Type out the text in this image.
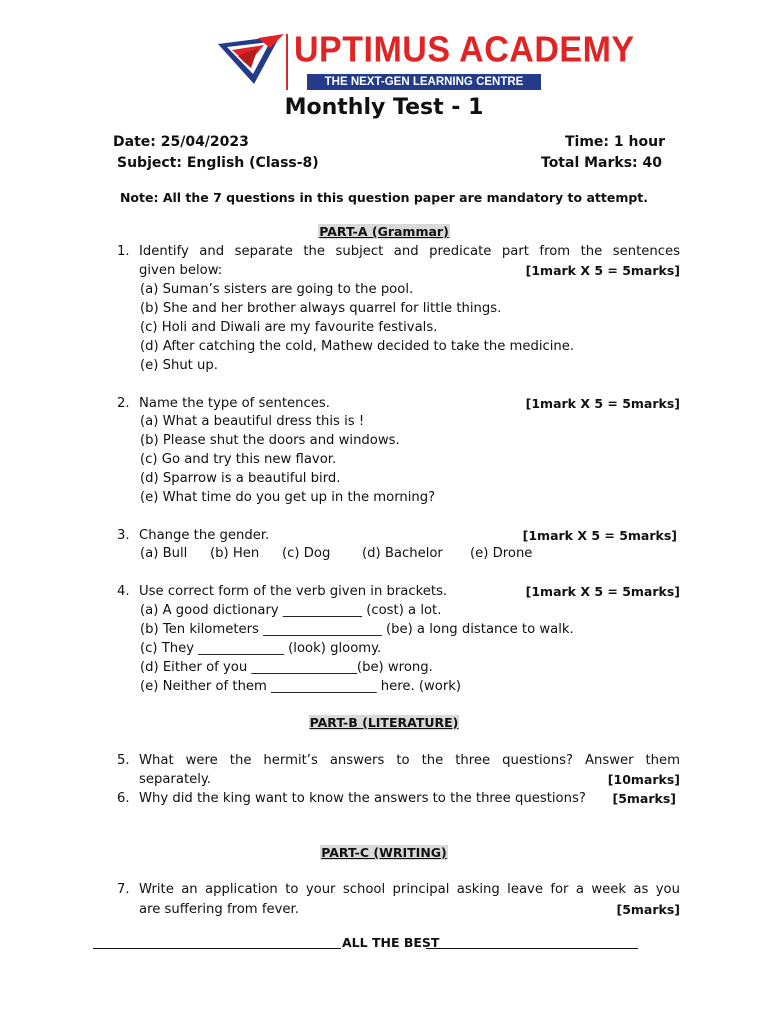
UPTIMUS ACADEMY
THE NEXT-GEN LEARNING CENTRE
Monthly Test - 1
Date: 25/04/2023	Time: 1 hour
Subject: English (Class-8)	Total Marks: 40
Note: All the 7 questions in this question paper are mandatory to attempt.
PART-A (Grammar)
1. Identify and separate the subject and predicate part from the sentences
given below:	[1mark X 5 = 5marks]
(a) Suman’s sisters are going to the pool.
(b) She and her brother always quarrel for little things.
(c) Holi and Diwali are my favourite festivals.
(d) After catching the cold, Mathew decided to take the medicine.
(e) Shut up.
2. Name the type of sentences.	[1mark X 5 = 5marks]
(a) What a beautiful dress this is !
(b) Please shut the doors and windows.
(c) Go and try this new flavor.
(d) Sparrow is a beautiful bird.
(e) What time do you get up in the morning?
3. Change the gender.	[1mark X 5 = 5marks]
(a) Bull (b) Hen (c) Dog (d) Bachelor (e) Drone
4. Use correct form of the verb given in brackets.	[1mark X 5 = 5marks]
(a) A good dictionary ____________ (cost) a lot.
(b) Ten kilometers __________________ (be) a long distance to walk.
(c) They _____________ (look) gloomy.
(d) Either of you ________________(be) wrong.
(e) Neither of them ________________ here. (work)
PART-B (LITERATURE)
5. What were the hermit’s answers to the three questions? Answer them
separately.	[10marks]
6. Why did the king want to know the answers to the three questions? [5marks]
PART-C (WRITING)
7. Write an application to your school principal asking leave for a week as you
are suffering from fever.	[5marks]
ALL THE BEST
